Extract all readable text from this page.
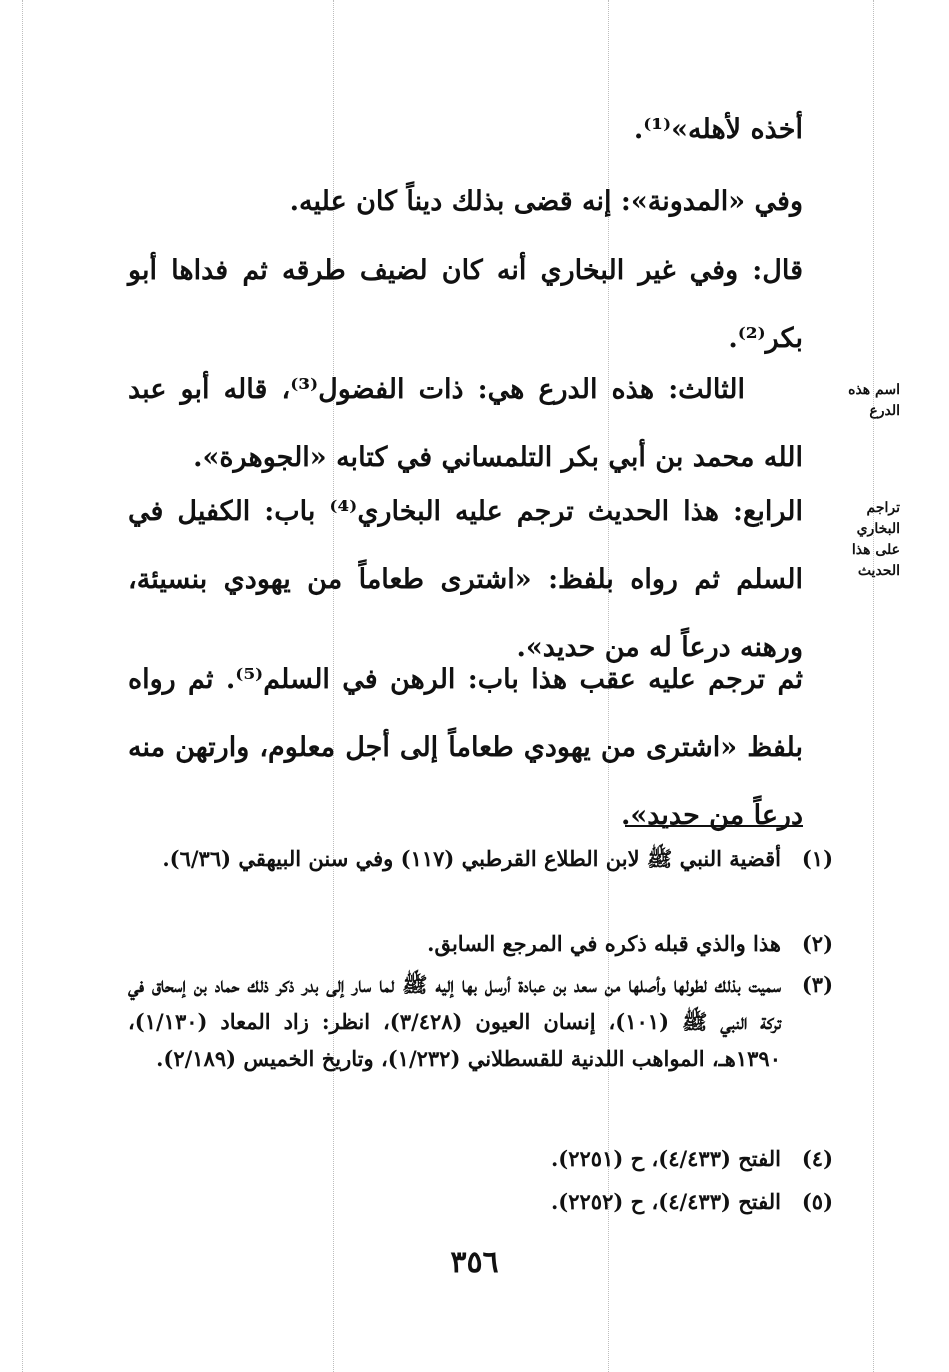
أخذه لأهله»⁽¹⁾.

وفي «المدونة»: إنه قضى بذلك ديناً كان عليه.

قال: وفي غير البخاري أنه كان لضيف طرقه ثم فداها أبو بكر⁽²⁾.

الثالث: هذه الدرع هي: ذات الفضول⁽³⁾، قاله أبو عبد الله محمد بن أبي بكر التلمساني في كتابه «الجوهرة».

اسم هذه الدرع

الرابع: هذا الحديث ترجم عليه البخاري⁽⁴⁾ باب: الكفيل في السلم ثم رواه بلفظ: «اشترى طعاماً من يهودي بنسيئة، ورهنه درعاً له من حديد».

تراجم البخاري
على هذا
الحديث

ثم ترجم عليه عقب هذا باب: الرهن في السلم⁽⁵⁾. ثم رواه بلفظ «اشترى من يهودي طعاماً إلى أجل معلوم، وارتهن منه درعاً من حديد».

(١)
أقضية النبي ﷺ لابن الطلاع القرطبي (١١٧) وفي سنن البيهقي (٦/٣٦).
(٢)
هذا والذي قبله ذكره في المرجع السابق.
(٣)
سميت بذلك لطولها وأصلها من سعد بن عبادة أرسل بها إليه ﷺ لما سار إلى بدر ذكر ذلك حماد بن إسحاق في تركة النبي ﷺ (١٠١)، إنسان العيون (٣/٤٢٨)، انظر: زاد المعاد (١/١٣٠)، ١٣٩٠هـ، المواهب اللدنية للقسطلاني (١/٢٣٢)، وتاريخ الخميس (٢/١٨٩).
(٤)
الفتح (٤/٤٣٣)، ح (٢٢٥١).
(٥)
الفتح (٤/٤٣٣)، ح (٢٢٥٢).
٣٥٦
